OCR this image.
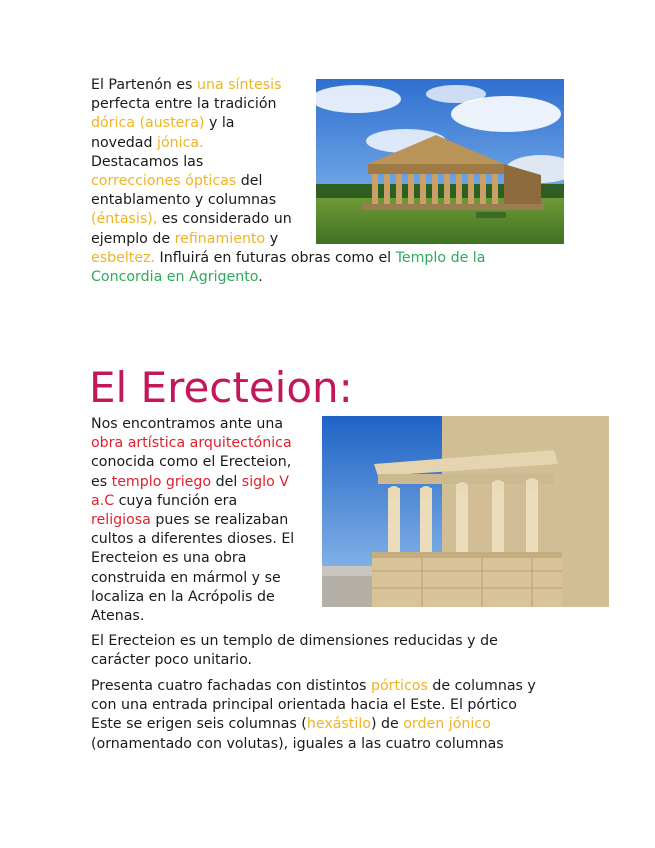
El Partenón es una síntesis
perfecta entre la tradición
dórica (austera) y la
novedad jónica.
Destacamos las
correcciones ópticas del
entablamento y columnas
(éntasis), es considerado un
ejemplo de refinamiento y
esbeltez. Influirá en futuras obras como el Templo de la
Concordia en Agrigento.
El Erecteion:
Nos encontramos ante una
obra artística arquitectónica
conocida como el Erecteion,
es templo griego del siglo V
a.C cuya función era
religiosa pues se realizaban
cultos a diferentes dioses. El
Erecteion es una obra
construida en mármol y se
localiza en la Acrópolis de
Atenas.
El Erecteion es un templo de dimensiones reducidas y de
carácter poco unitario.
Presenta cuatro fachadas con distintos pórticos de columnas y
con una entrada principal orientada hacia el Este. El pórtico
Este se erigen seis columnas (hexástilo) de orden jónico
(ornamentado con volutas), iguales a las cuatro columnas
